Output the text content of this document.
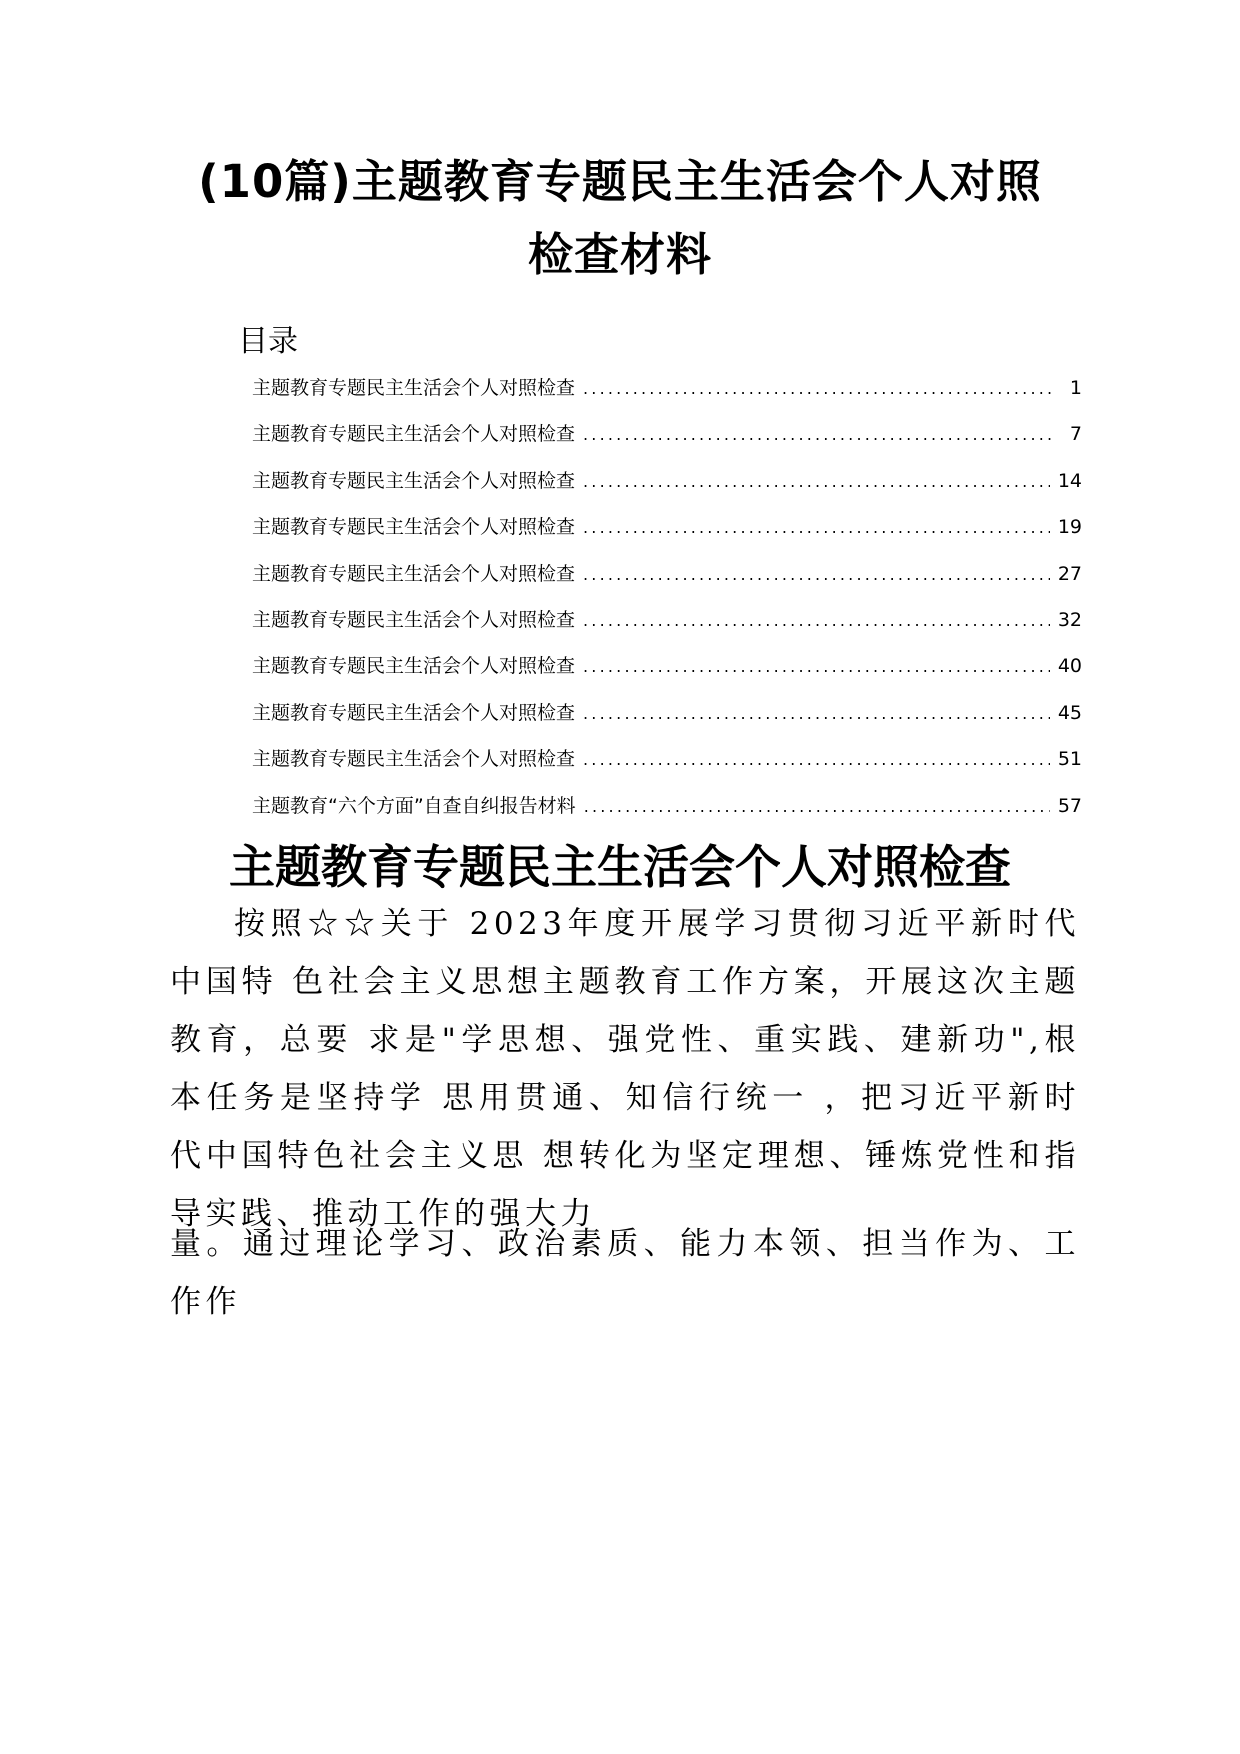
(10篇)主题教育专题民主生活会个人对照
检查材料
目录
主题教育专题民主生活会个人对照检查 .....	1
主题教育专题民主生活会个人对照检查 .....	7
主题教育专题民主生活会个人对照检查 .....	14
主题教育专题民主生活会个人对照检查 .....	19
主题教育专题民主生活会个人对照检查 .....	27
主题教育专题民主生活会个人对照检查 .....	32
主题教育专题民主生活会个人对照检查 .....	40
主题教育专题民主生活会个人对照检查 .....	45
主题教育专题民主生活会个人对照检查 .....	51
主题教育“六个方面”自查自纠报告材料 .....	57
主题教育专题民主生活会个人对照检查

按照☆☆关于 2023年度开展学习贯彻习近平新时代中国特 色社会主义思想主题教育工作方案，开展这次主题教育，总要 求是"学思想、强党性、重实践、建新功",根本任务是坚持学 思用贯通、知信行统一 ，把习近平新时代中国特色社会主义思 想转化为坚定理想、锤炼党性和指导实践、推动工作的强大力

量。通过理论学习、政治素质、能力本领、担当作为、工作作
